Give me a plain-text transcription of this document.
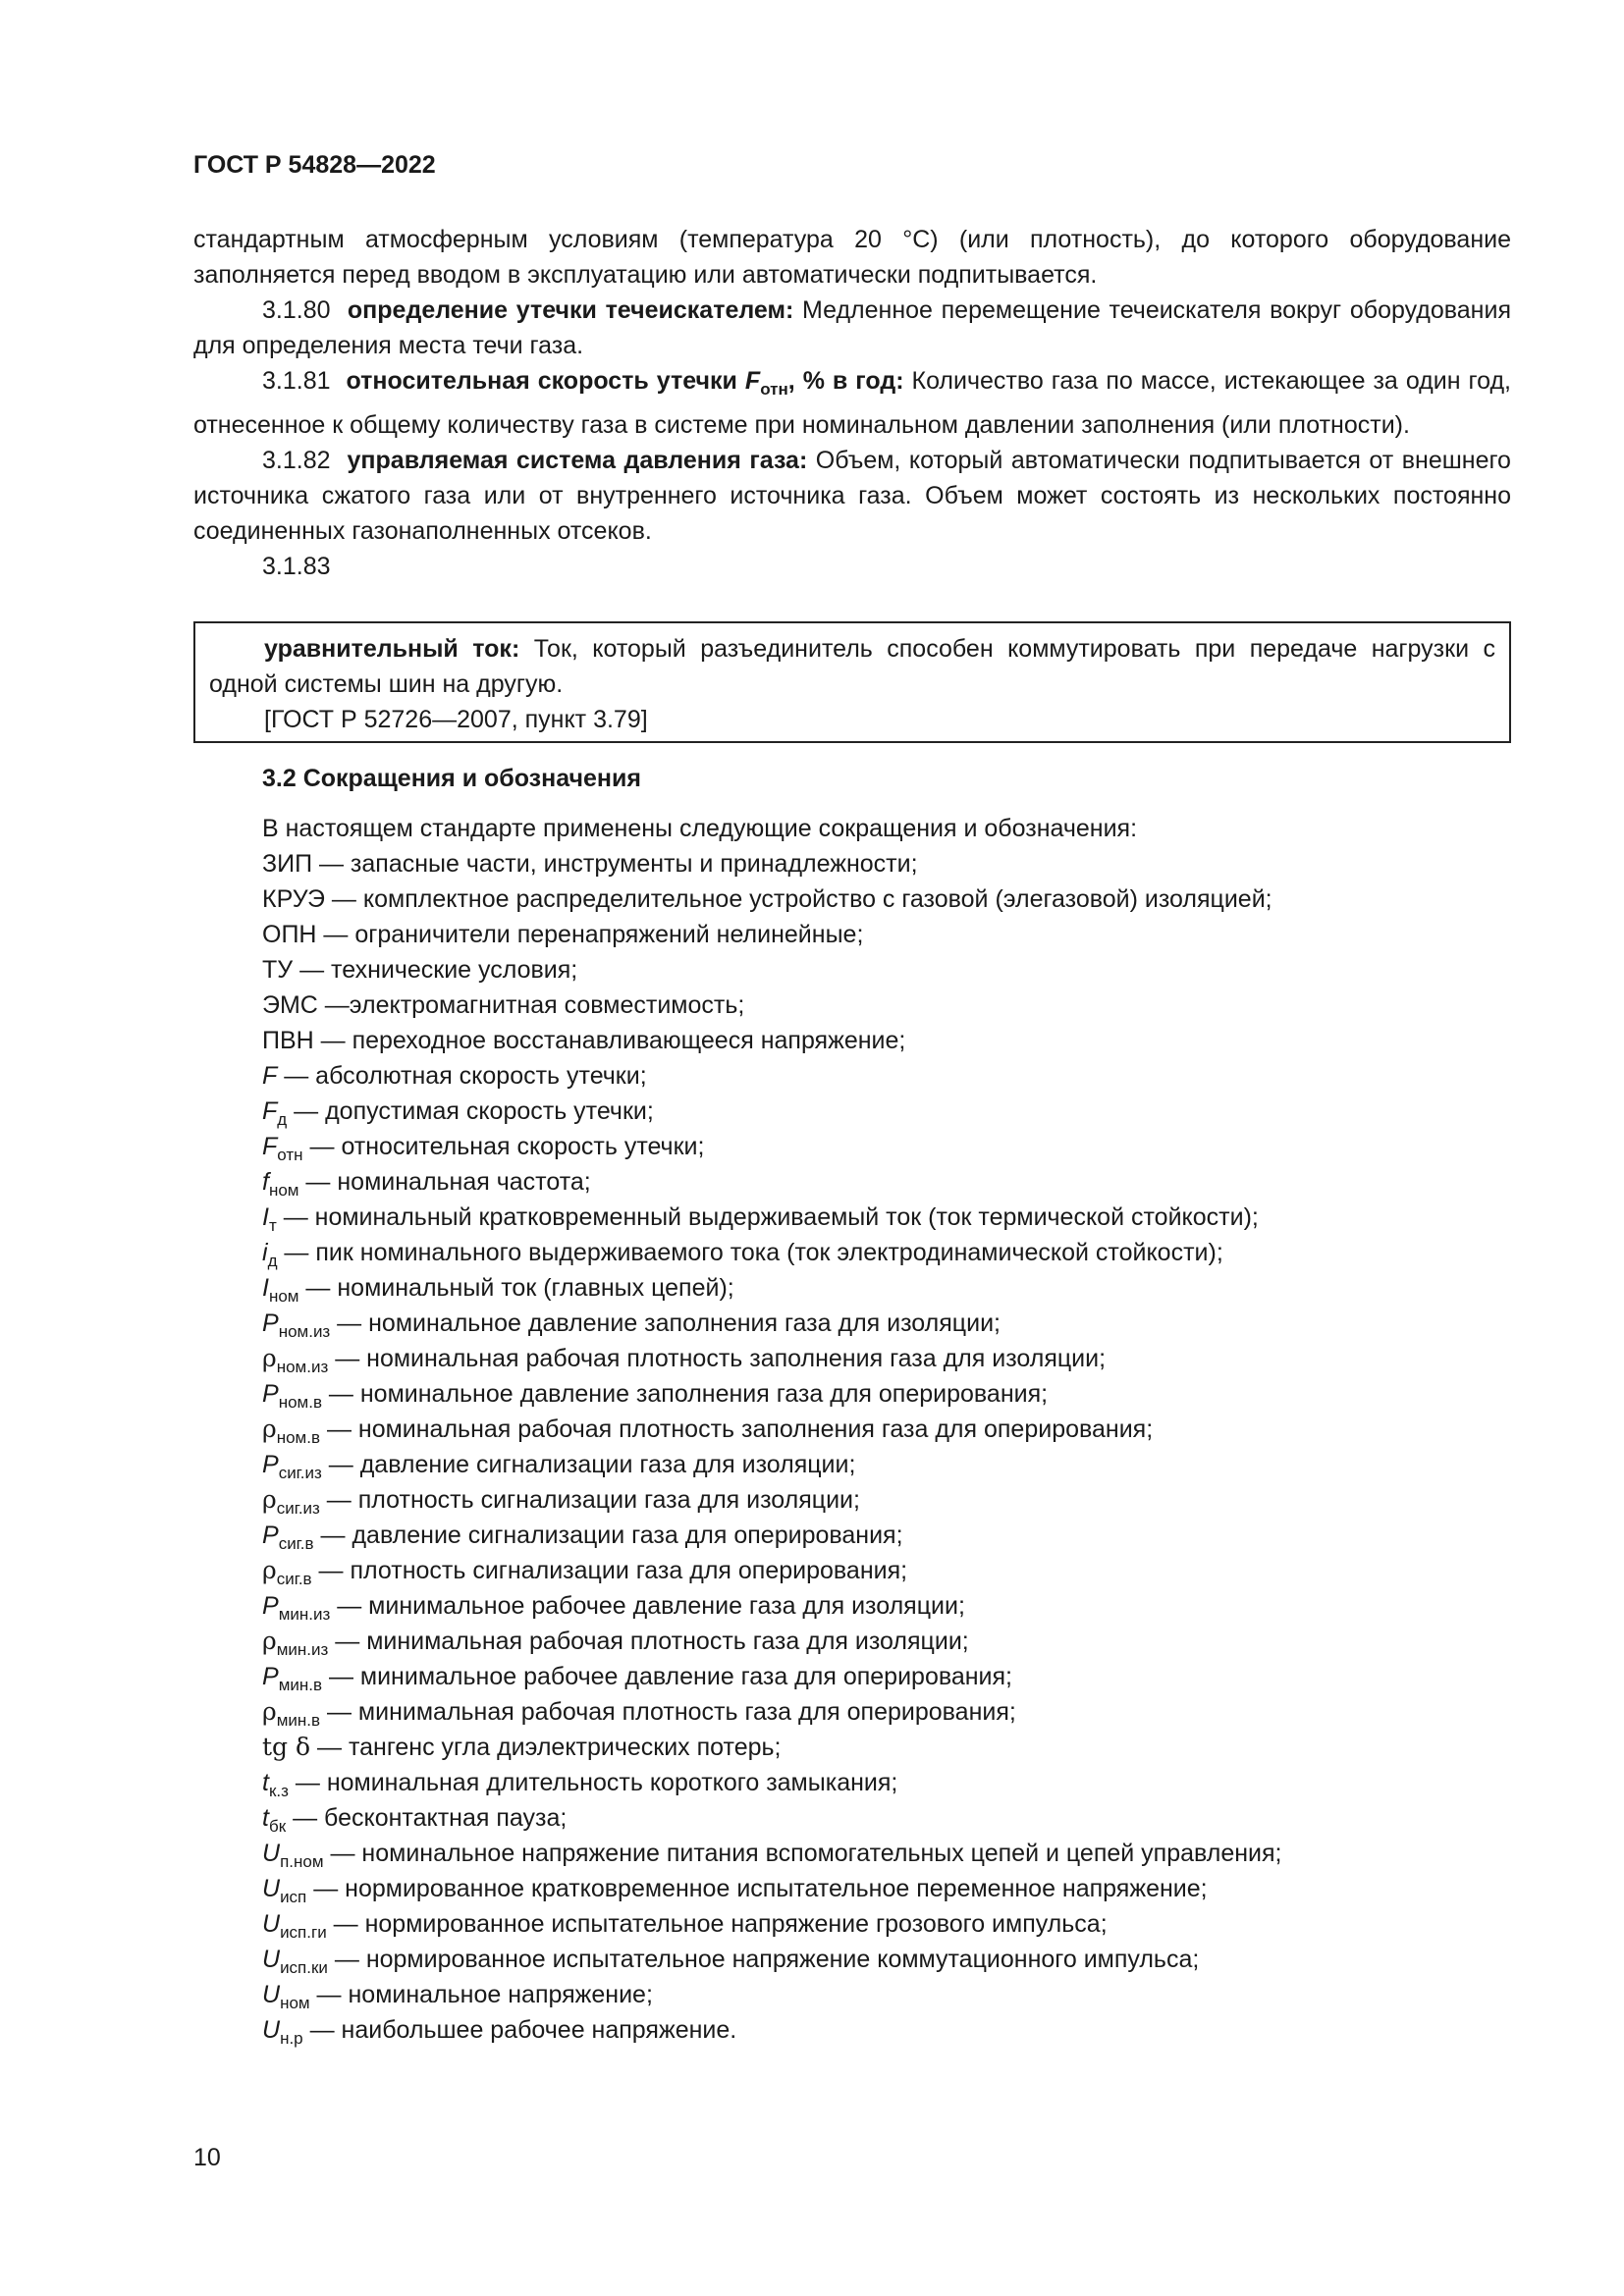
ГОСТ Р 54828—2022

стандартным атмосферным условиям (температура 20 °С) (или плотность), до которого оборудование заполняется перед вводом в эксплуатацию или автоматически подпитывается.

3.1.80 определение утечки течеискателем: Медленное перемещение течеискателя вокруг оборудования для определения места течи газа.

3.1.81 относительная скорость утечки $F_{отн}$, % в год: Количество газа по массе, истекающее за один год, отнесенное к общему количеству газа в системе при номинальном давлении заполнения (или плотности).

3.1.82 управляемая система давления газа: Объем, который автоматически подпитывается от внешнего источника сжатого газа или от внутреннего источника газа. Объем может состоять из нескольких постоянно соединенных газонаполненных отсеков.

3.1.83

уравнительный ток: Ток, который разъединитель способен коммутировать при передаче нагрузки с одной системы шин на другую.

[ГОСТ Р 52726—2007, пункт 3.79]

3.2 Сокращения и обозначения
В настоящем стандарте применены следующие сокращения и обозначения:
ЗИП — запасные части, инструменты и принадлежности;
КРУЭ — комплектное распределительное устройство с газовой (элегазовой) изоляцией;
ОПН — ограничители перенапряжений нелинейные;
ТУ — технические условия;
ЭМС —электромагнитная совместимость;
ПВН — переходное восстанавливающееся напряжение;
F — абсолютная скорость утечки;
$F_д$ — допустимая скорость утечки;
$F_{отн}$ — относительная скорость утечки;
$f_{ном}$ — номинальная частота;
$I_т$ — номинальный кратковременный выдерживаемый ток (ток термической стойкости);
$i_д$ — пик номинального выдерживаемого тока (ток электродинамической стойкости);
$I_{ном}$ — номинальный ток (главных цепей);
$P_{ном.из}$ — номинальное давление заполнения газа для изоляции;
$\rho_{ном.из}$ — номинальная рабочая плотность заполнения газа для изоляции;
$P_{ном.в}$ — номинальное давление заполнения газа для оперирования;
$\rho_{ном.в}$ — номинальная рабочая плотность заполнения газа для оперирования;
$P_{сиг.из}$ — давление сигнализации газа для изоляции;
$\rho_{сиг.из}$ — плотность сигнализации газа для изоляции;
$P_{сиг.в}$ — давление сигнализации газа для оперирования;
$\rho_{сиг.в}$ — плотность сигнализации газа для оперирования;
$P_{мин.из}$ — минимальное рабочее давление газа для изоляции;
$\rho_{мин.из}$ — минимальная рабочая плотность газа для изоляции;
$P_{мин.в}$ — минимальное рабочее давление газа для оперирования;
$\rho_{мин.в}$ — минимальная рабочая плотность газа для оперирования;
tg δ — тангенс угла диэлектрических потерь;
$t_{к.з}$ — номинальная длительность короткого замыкания;
$t_{бк}$ — бесконтактная пауза;
$U_{п.ном}$ — номинальное напряжение питания вспомогательных цепей и цепей управления;
$U_{исп}$ — нормированное кратковременное испытательное переменное напряжение;
$U_{исп.ги}$ — нормированное испытательное напряжение грозового импульса;
$U_{исп.ки}$ — нормированное испытательное напряжение коммутационного импульса;
$U_{ном}$ — номинальное напряжение;
$U_{н.р}$ — наибольшее рабочее напряжение.
10
